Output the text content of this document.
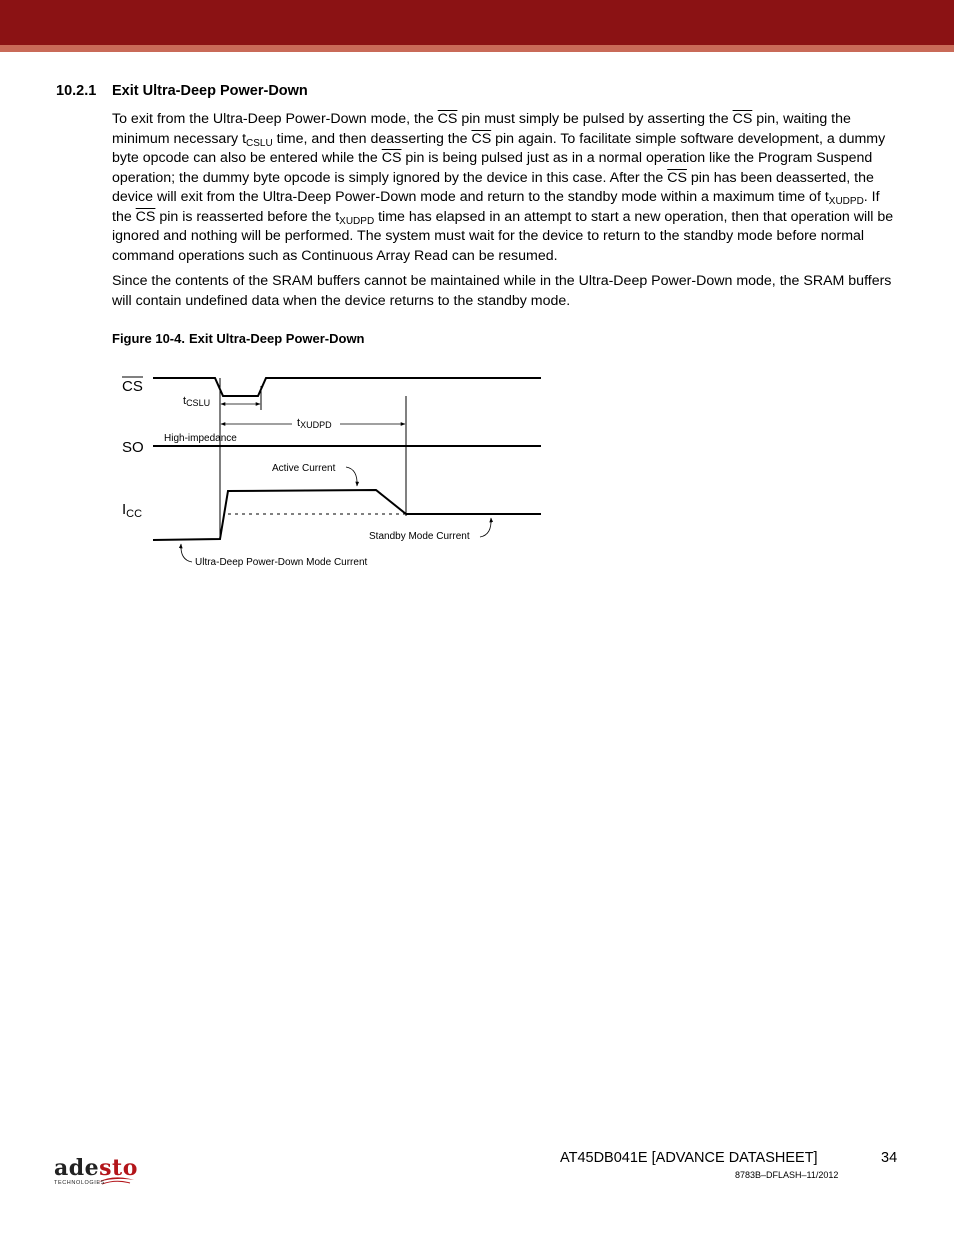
10.2.1 Exit Ultra-Deep Power-Down

To exit from the Ultra-Deep Power-Down mode, the $\overline{CS}$ pin must simply be pulsed by asserting the $\overline{CS}$ pin, waiting the minimum necessary $t_{CSLU}$ time, and then deasserting the $\overline{CS}$ pin again. To facilitate simple software development, a dummy byte opcode can also be entered while the $\overline{CS}$ pin is being pulsed just as in a normal operation like the Program Suspend operation; the dummy byte opcode is simply ignored by the device in this case. After the $\overline{CS}$ pin has been deasserted, the device will exit from the Ultra-Deep Power-Down mode and return to the standby mode within a maximum time of $t_{XUDPD}$. If the $\overline{CS}$ pin is reasserted before the $t_{XUDPD}$ time has elapsed in an attempt to start a new operation, then that operation will be ignored and nothing will be performed. The system must wait for the device to return to the standby mode before normal command operations such as Continuous Array Read can be resumed.

Since the contents of the SRAM buffers cannot be maintained while in the Ultra-Deep Power-Down mode, the SRAM buffers will contain undefined data when the device returns to the standby mode.

Figure 10-4. Exit Ultra-Deep Power-Down
CS
SO
$I_{CC}$
tCSLU
tXUDPD
High-impedance
Active Current
Standby Mode Current
Ultra-Deep Power-Down Mode Current
adesto
TECHNOLOGIES
AT45DB041E [ADVANCE DATASHEET]	34
8783B–DFLASH–11/2012
